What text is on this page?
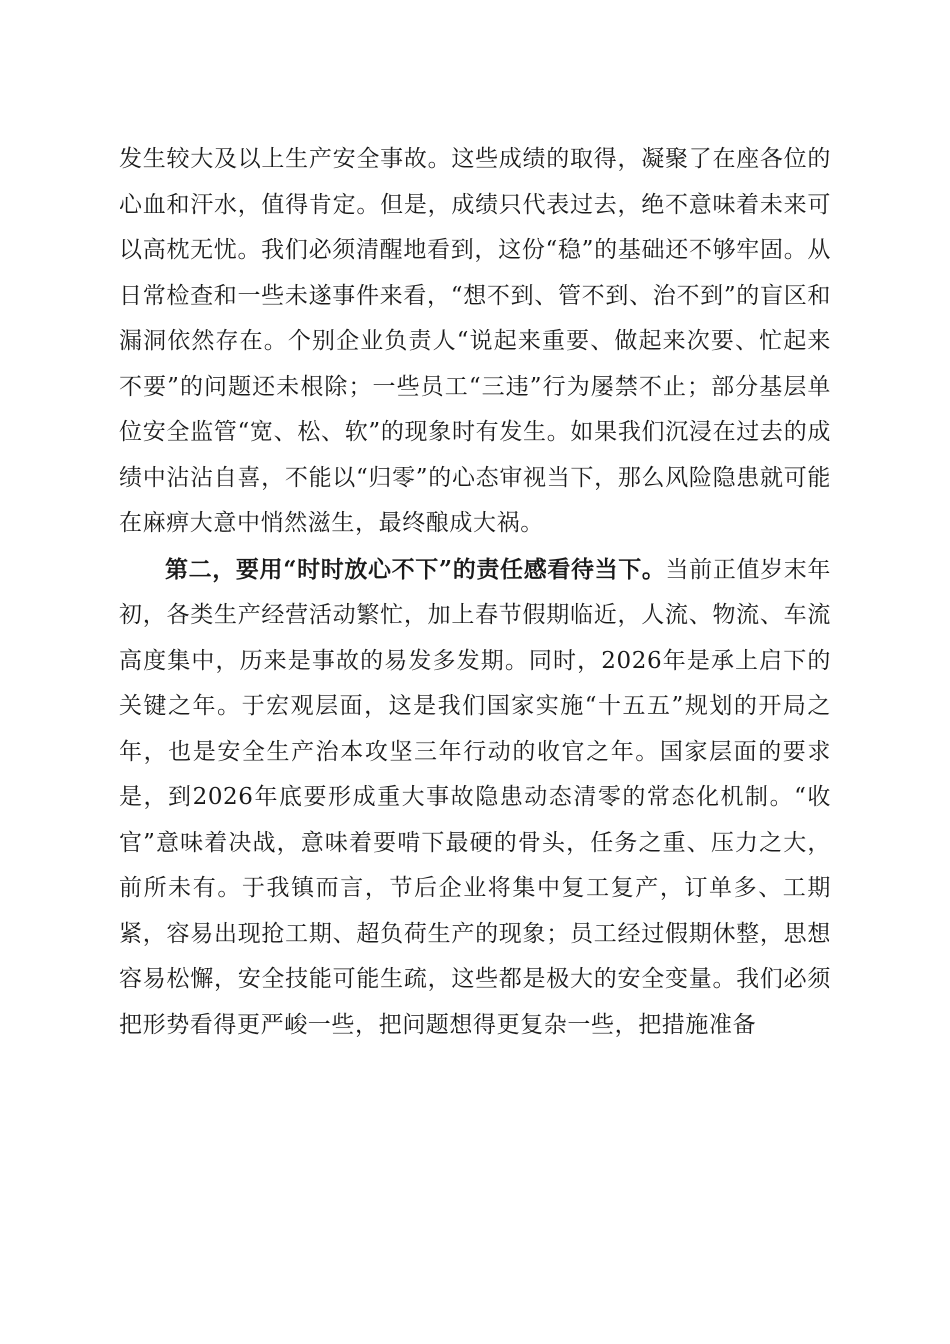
发生较大及以上生产安全事故。这些成绩的取得，凝聚了在座各位的心血和汗水，值得肯定。但是，成绩只代表过去，绝不意味着未来可以高枕无忧。我们必须清醒地看到，这份“稳”的基础还不够牢固。从日常检查和一些未遂事件来看，“想不到、管不到、治不到”的盲区和漏洞依然存在。个别企业负责人“说起来重要、做起来次要、忙起来不要”的问题还未根除；一些员工“三违”行为屡禁不止；部分基层单位安全监管“宽、松、软”的现象时有发生。如果我们沉浸在过去的成绩中沾沾自喜，不能以“归零”的心态审视当下，那么风险隐患就可能在麻痹大意中悄然滋生，最终酿成大祸。

第二，要用“时时放心不下”的责任感看待当下。当前正值岁末年初，各类生产经营活动繁忙，加上春节假期临近，人流、物流、车流高度集中，历来是事故的易发多发期。同时，2026年是承上启下的关键之年。于宏观层面，这是我们国家实施“十五五”规划的开局之年，也是安全生产治本攻坚三年行动的收官之年。国家层面的要求是，到2026年底要形成重大事故隐患动态清零的常态化机制。“收官”意味着决战，意味着要啃下最硬的骨头，任务之重、压力之大，前所未有。于我镇而言，节后企业将集中复工复产，订单多、工期紧，容易出现抢工期、超负荷生产的现象；员工经过假期休整，思想容易松懈，安全技能可能生疏，这些都是极大的安全变量。我们必须把形势看得更严峻一些，把问题想得更复杂一些，把措施准备
